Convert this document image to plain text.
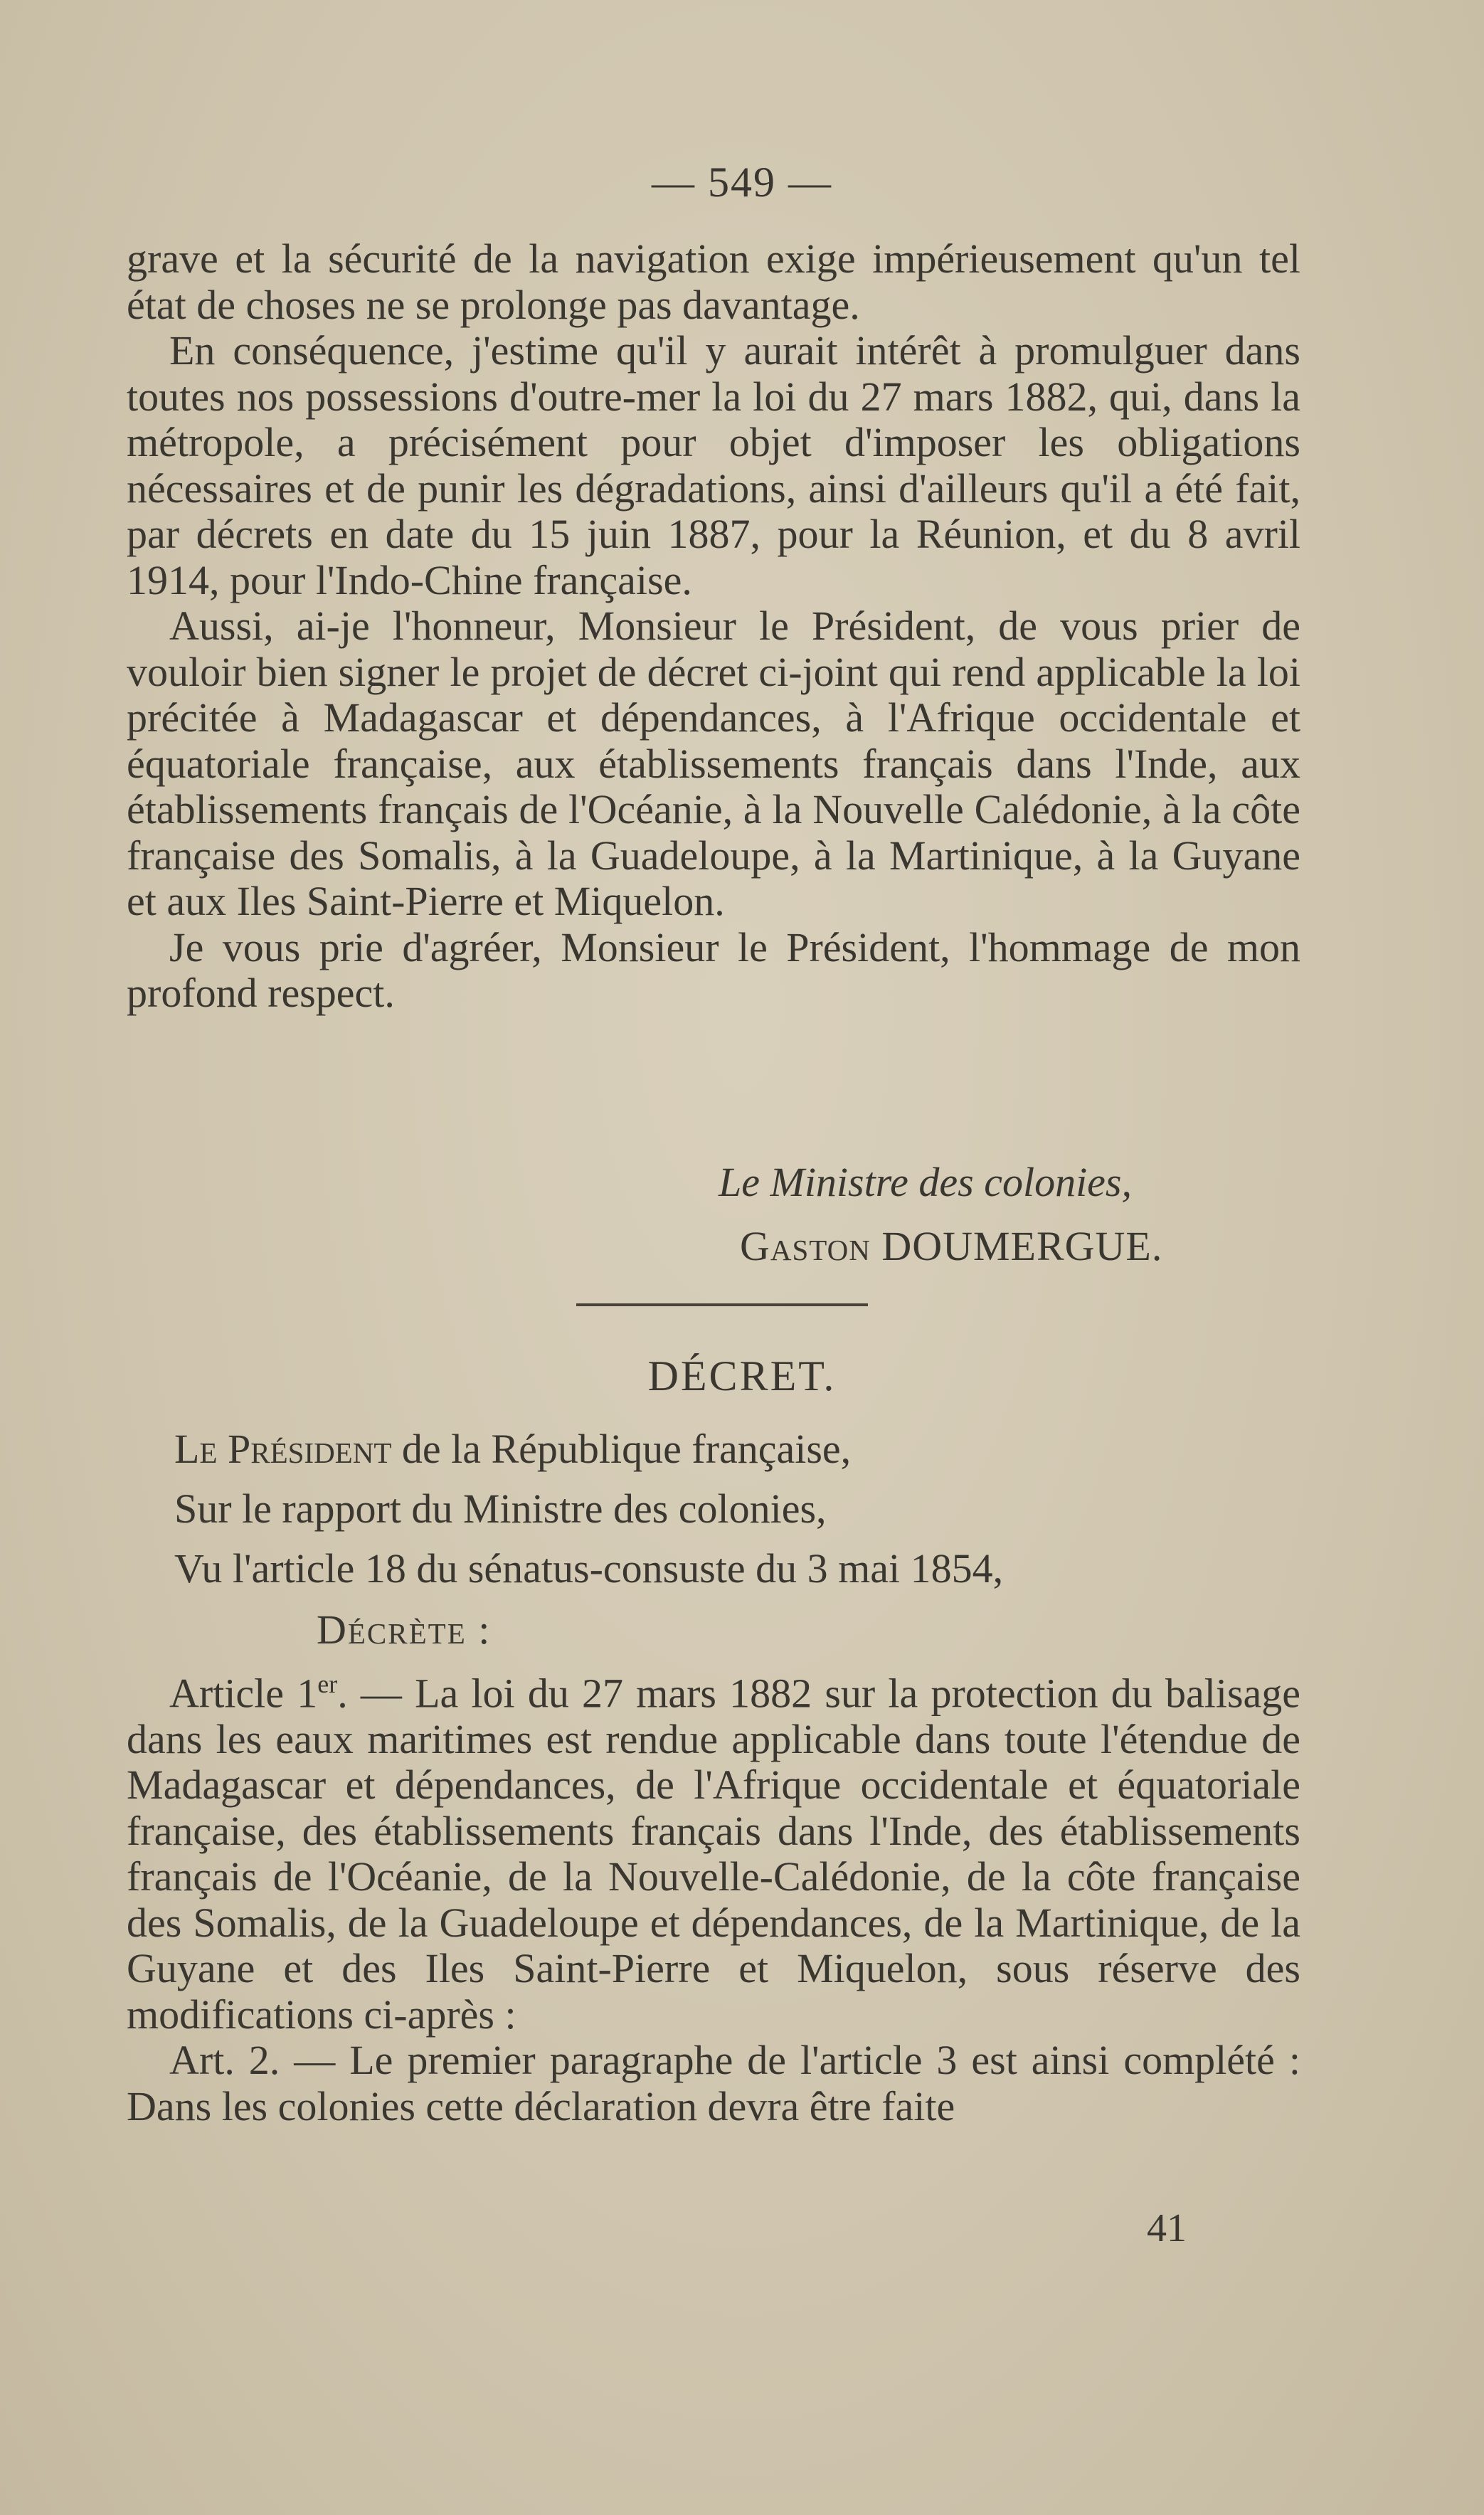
— 549 —

grave et la sécurité de la navigation exige impérieusement qu'un tel état de choses ne se prolonge pas davantage.

En conséquence, j'estime qu'il y aurait intérêt à promulguer dans toutes nos possessions d'outre-mer la loi du 27 mars 1882, qui, dans la métropole, a précisément pour objet d'imposer les obligations nécessaires et de punir les dégradations, ainsi d'ailleurs qu'il a été fait, par décrets en date du 15 juin 1887, pour la Réunion, et du 8 avril 1914, pour l'Indo-Chine française.

Aussi, ai-je l'honneur, Monsieur le Président, de vous prier de vouloir bien signer le projet de décret ci-joint qui rend applicable la loi précitée à Madagascar et dépendances, à l'Afrique occidentale et équatoriale française, aux établissements français dans l'Inde, aux établissements français de l'Océanie, à la Nouvelle Calédonie, à la côte française des Somalis, à la Guadeloupe, à la Martinique, à la Guyane et aux Iles Saint-Pierre et Miquelon.

Je vous prie d'agréer, Monsieur le Président, l'hommage de mon profond respect.

Le Ministre des colonies,
Gaston DOUMERGUE.
DÉCRET.
Le Président de la République française,
Sur le rapport du Ministre des colonies,
Vu l'article 18 du sénatus-consuste du 3 mai 1854,
Décrète :

Article 1er. — La loi du 27 mars 1882 sur la protection du balisage dans les eaux maritimes est rendue applicable dans toute l'étendue de Madagascar et dépendances, de l'Afrique occidentale et équatoriale française, des établissements français dans l'Inde, des établissements français de l'Océanie, de la Nouvelle-Calédonie, de la côte française des Somalis, de la Guadeloupe et dépendances, de la Martinique, de la Guyane et des Iles Saint-Pierre et Miquelon, sous réserve des modifications ci-après :

Art. 2. — Le premier paragraphe de l'article 3 est ainsi complété : Dans les colonies cette déclaration devra être faite

41
